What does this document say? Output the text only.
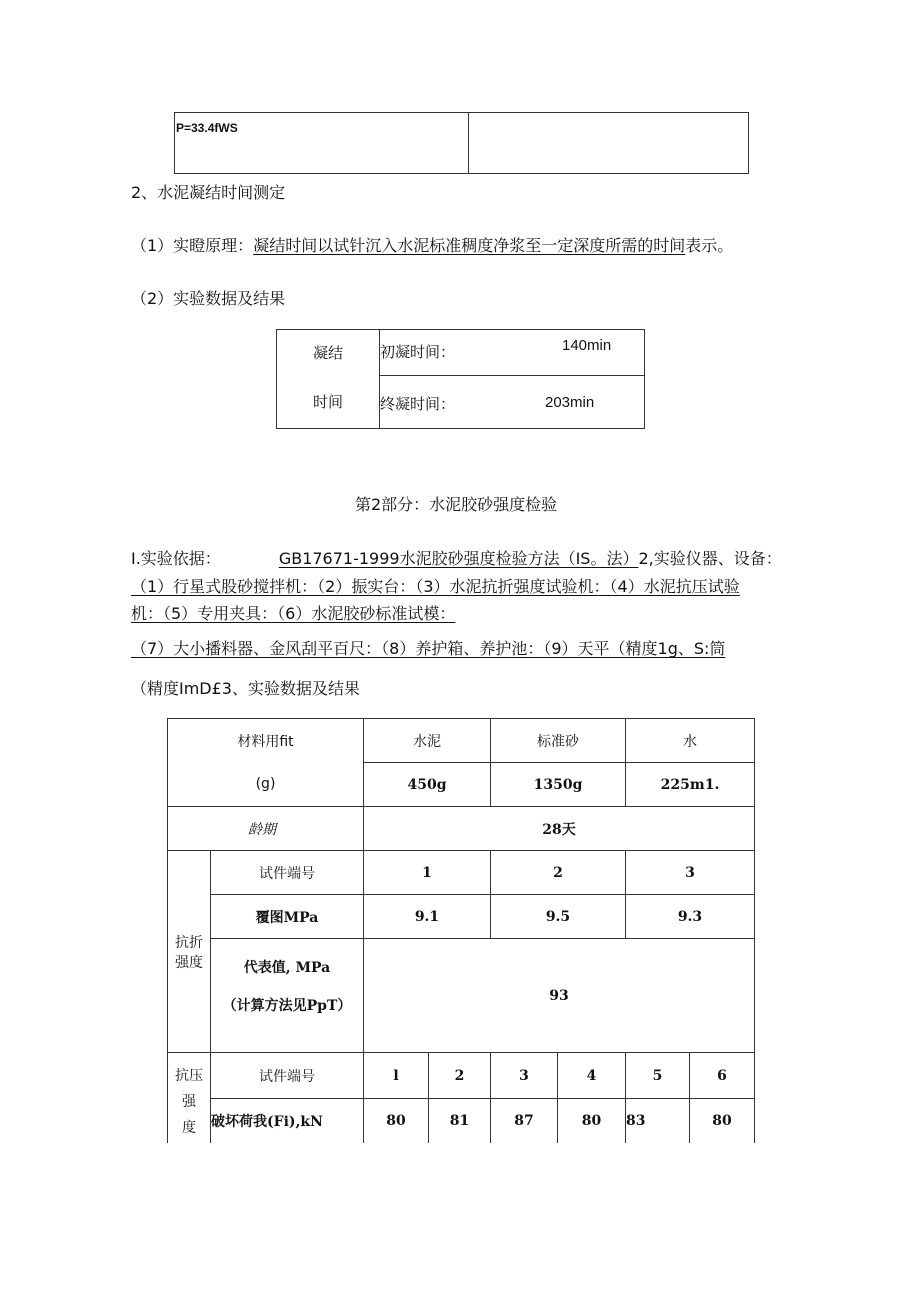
P=33.4fWS	
2、水泥凝结时间测定
（1）实瞪原理：凝结时间以试针沉入水泥标准稠度净浆至一定深度所需的时间表示。
（2）实验数据及结果
凝结	初凝时间： 140min

时间	终凝时间： 203min
第2部分：水泥胶砂强度检验
I.实验依据：	GB17671-1999水泥胶砂强度检验方法（IS。法）2,实验仪器、设备：
（1）行星式股砂搅拌机：（2）振实台：（3）水泥抗折强度试验机：（4）水泥抗压试验
机：（5）专用夹具：（6）水泥胶砂标准试模：
（7）大小播料器、金风刮平百尺：（8）养护箱、养护池：（9）天平（精度1g、S:筒
（精度ImD£3、实验数据及结果
材料用fit		水泥		标准砂		水	
(g)		450g		1350g		225m1.	
龄期		28天					
抗折强度	试件端号	1		2		3	
	覆图MPa	9.1		9.5		9.3	
	代表值, MPa	93					
	（计算方法见PpT）						

抗压
强
度	试件端号	l	2	3	4	5	6
	破坏荷我(Fi),kN	80	81	87	80	83	80
